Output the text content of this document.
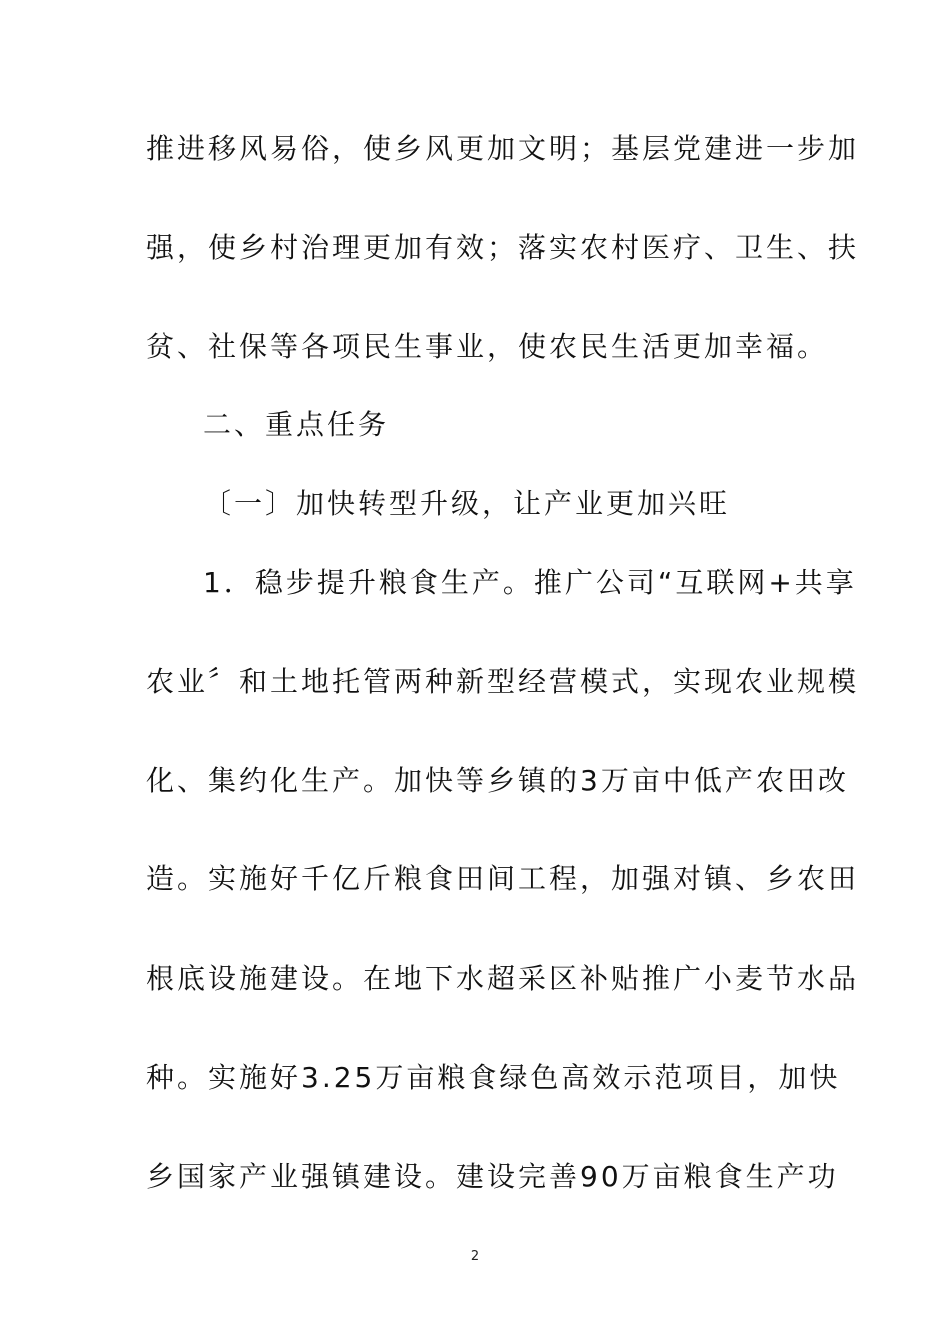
推进移风易俗，使乡风更加文明；基层党建进一步加
强，使乡村治理更加有效；落实农村医疗、卫生、扶
贫、社保等各项民生事业，使农民生活更加幸福。
二、重点任务
〔一〕加快转型升级，让产业更加兴旺
1．稳步提升粮食生产。推广公司“互联网+共享
农业〞和土地托管两种新型经营模式，实现农业规模
化、集约化生产。加快等乡镇的3万亩中低产农田改
造。实施好千亿斤粮食田间工程，加强对镇、乡农田
根底设施建设。在地下水超采区补贴推广小麦节水品
种。实施好3.25万亩粮食绿色高效示范项目，加快
乡国家产业强镇建设。建设完善90万亩粮食生产功
2
